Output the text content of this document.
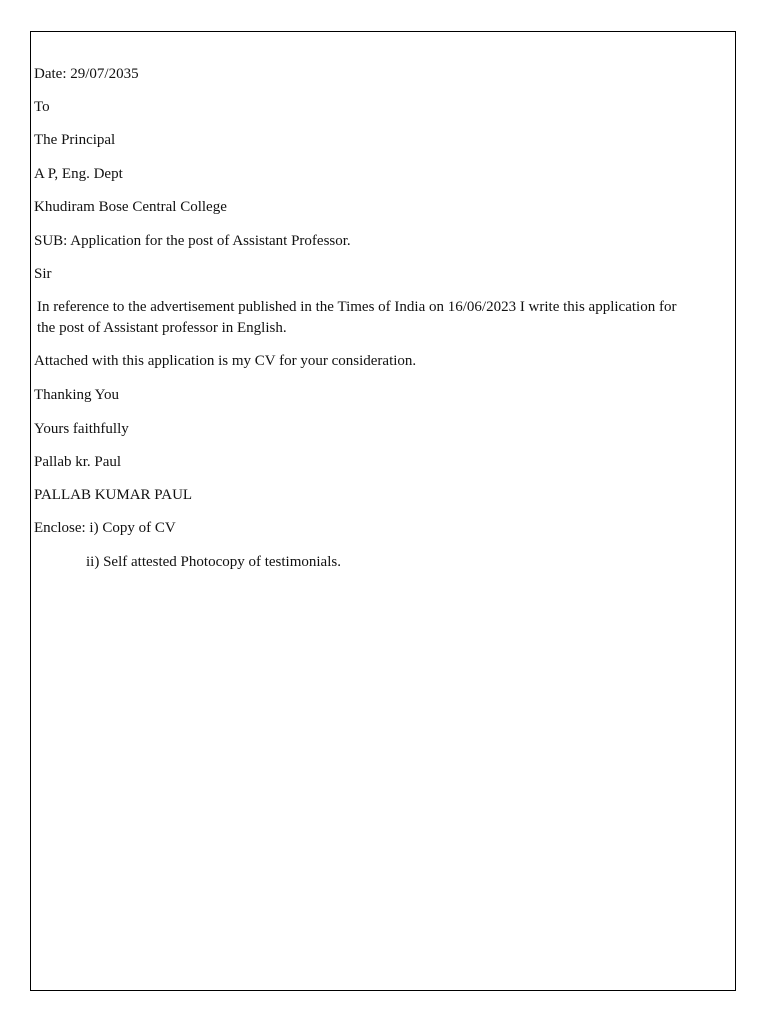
Date: 29/07/2035
To
The Principal
A P, Eng. Dept
Khudiram Bose Central College
SUB: Application for the post of Assistant Professor.
Sir
In reference to the advertisement published in the Times of India on 16/06/2023 I write this application for the post of Assistant professor in English.
Attached with this application is my CV for your consideration.
Thanking You
Yours faithfully
Pallab kr. Paul
PALLAB KUMAR PAUL
Enclose: i) Copy of CV
ii) Self attested Photocopy of testimonials.
